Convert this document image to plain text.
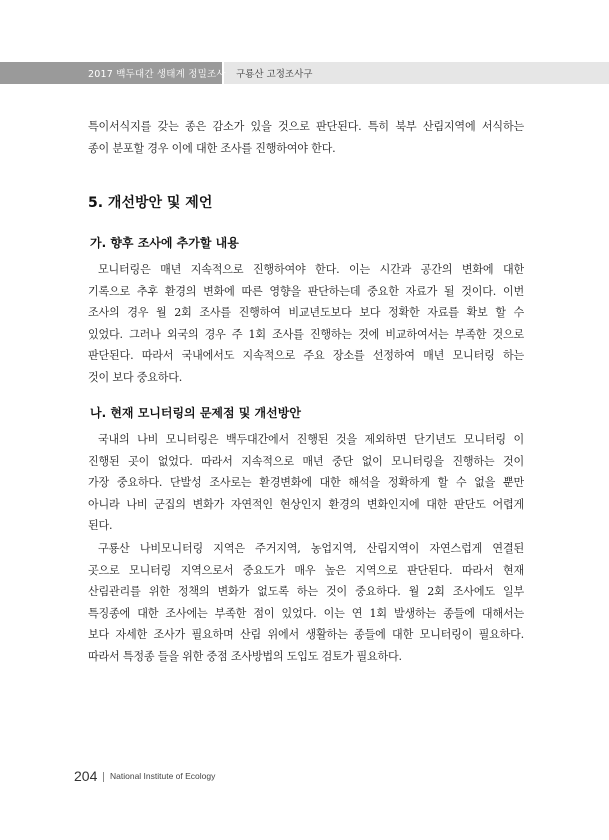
2017 백두대간 생태계 정밀조사 구룡산 고정조사구
특이서식지를 갖는 종은 감소가 있을 것으로 판단된다. 특히 북부 산림지역에 서식하는
종이 분포할 경우 이에 대한 조사를 진행하여야 한다.
5. 개선방안 및 제언
가. 향후 조사에 추가할 내용
모니터링은 매년 지속적으로 진행하여야 한다. 이는 시간과 공간의 변화에 대한
기록으로 추후 환경의 변화에 따른 영향을 판단하는데 중요한 자료가 될 것이다. 이번
조사의 경우 월 2회 조사를 진행하여 비교년도보다 보다 정확한 자료를 확보 할 수
있었다. 그러나 외국의 경우 주 1회 조사를 진행하는 것에 비교하여서는 부족한 것으로
판단된다. 따라서 국내에서도 지속적으로 주요 장소를 선정하여 매년 모니터링 하는
것이 보다 중요하다.
나. 현재 모니터링의 문제점 및 개선방안
국내의 나비 모니터링은 백두대간에서 진행된 것을 제외하면 단기년도 모니터링 이
진행된 곳이 없었다. 따라서 지속적으로 매년 중단 없이 모니터링을 진행하는 것이
가장 중요하다. 단발성 조사로는 환경변화에 대한 해석을 정확하게 할 수 없을 뿐만
아니라 나비 군집의 변화가 자연적인 현상인지 환경의 변화인지에 대한 판단도 어렵게
된다.
구룡산 나비모니터링 지역은 주거지역, 농업지역, 산림지역이 자연스럽게 연결된
곳으로 모니터링 지역으로서 중요도가 매우 높은 지역으로 판단된다. 따라서 현재
산림관리를 위한 정책의 변화가 없도록 하는 것이 중요하다. 월 2회 조사에도 일부
특징종에 대한 조사에는 부족한 점이 있었다. 이는 연 1회 발생하는 종들에 대해서는
보다 자세한 조사가 필요하며 산림 위에서 생활하는 종들에 대한 모니터링이 필요하다.
따라서 특정종 들을 위한 중점 조사방법의 도입도 검토가 필요하다.
204 National Institute of Ecology
